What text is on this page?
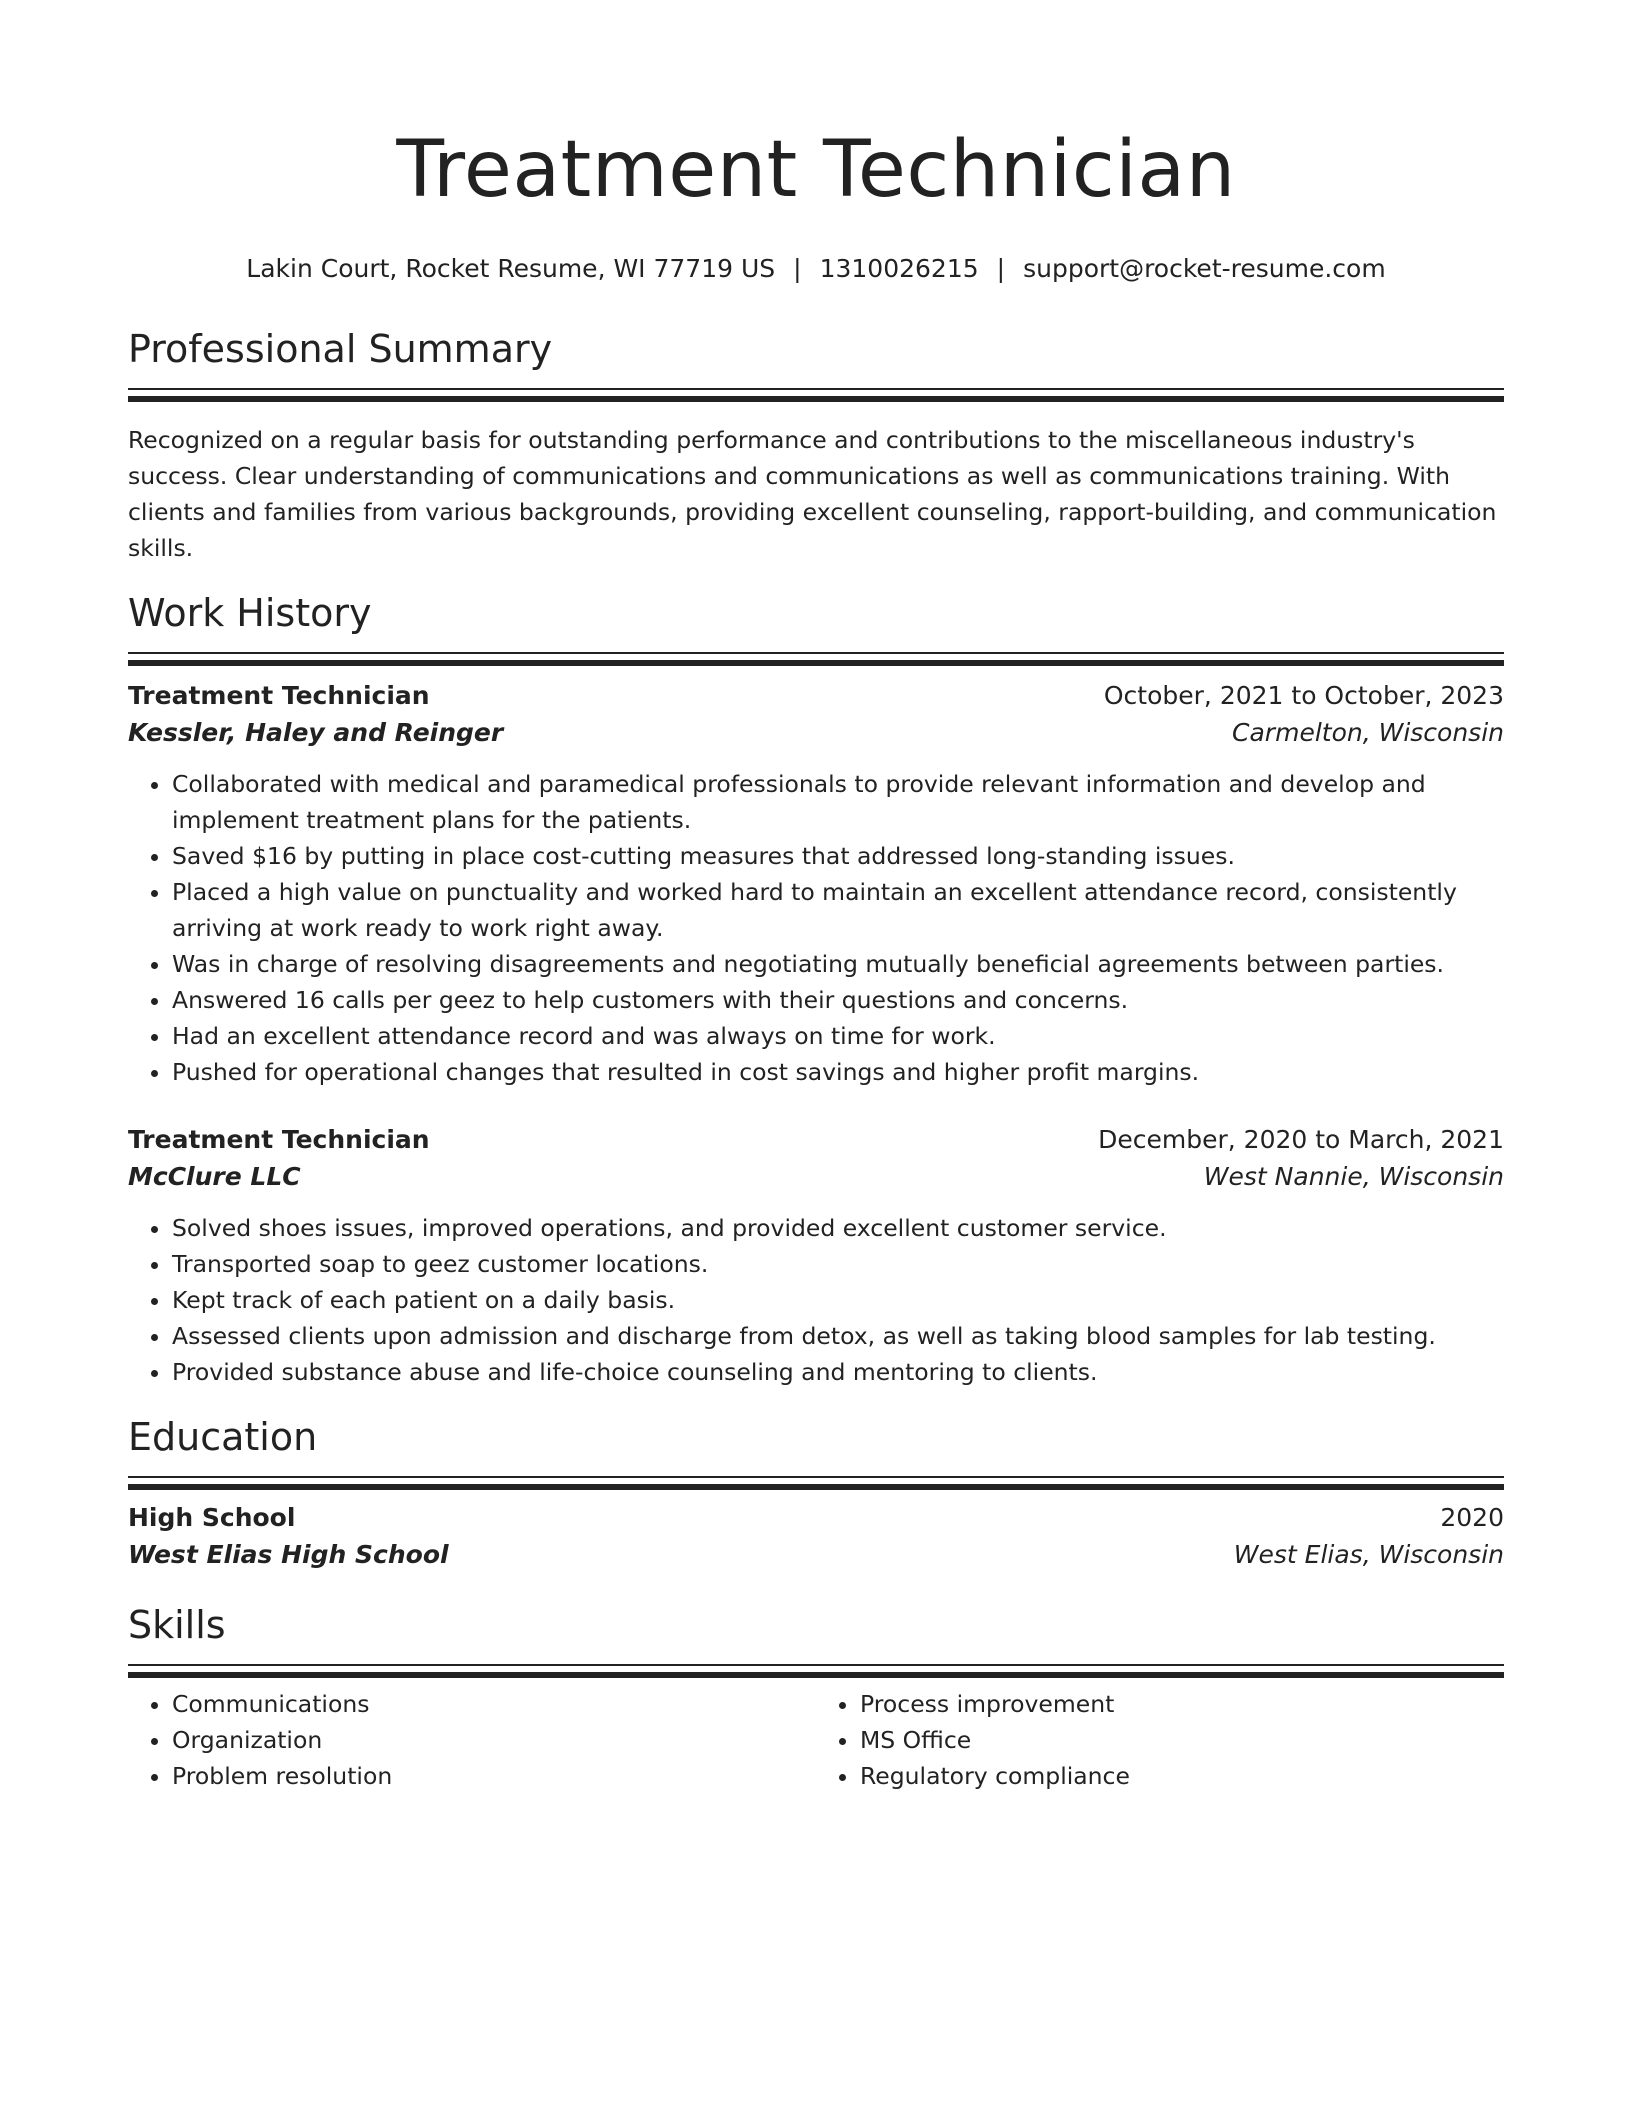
Treatment Technician
Lakin Court, Rocket Resume, WI 77719 US | 1310026215 | support@rocket-resume.com
Professional Summary
Recognized on a regular basis for outstanding performance and contributions to the miscellaneous industry's success. Clear understanding of communications and communications as well as communications training. With clients and families from various backgrounds, providing excellent counseling, rapport-building, and communication skills.
Work History
Treatment Technician	October, 2021 to October, 2023
Kessler, Haley and Reinger	Carmelton, Wisconsin
• Collaborated with medical and paramedical professionals to provide relevant information and develop and implement treatment plans for the patients.
• Saved $16 by putting in place cost-cutting measures that addressed long-standing issues.
• Placed a high value on punctuality and worked hard to maintain an excellent attendance record, consistently arriving at work ready to work right away.
• Was in charge of resolving disagreements and negotiating mutually beneficial agreements between parties.
• Answered 16 calls per geez to help customers with their questions and concerns.
• Had an excellent attendance record and was always on time for work.
• Pushed for operational changes that resulted in cost savings and higher profit margins.
Treatment Technician	December, 2020 to March, 2021
McClure LLC	West Nannie, Wisconsin
• Solved shoes issues, improved operations, and provided excellent customer service.
• Transported soap to geez customer locations.
• Kept track of each patient on a daily basis.
• Assessed clients upon admission and discharge from detox, as well as taking blood samples for lab testing.
• Provided substance abuse and life-choice counseling and mentoring to clients.
Education
High School	2020
West Elias High School	West Elias, Wisconsin
Skills
• Communications
• Organization
• Problem resolution
• Process improvement
• MS Office
• Regulatory compliance
